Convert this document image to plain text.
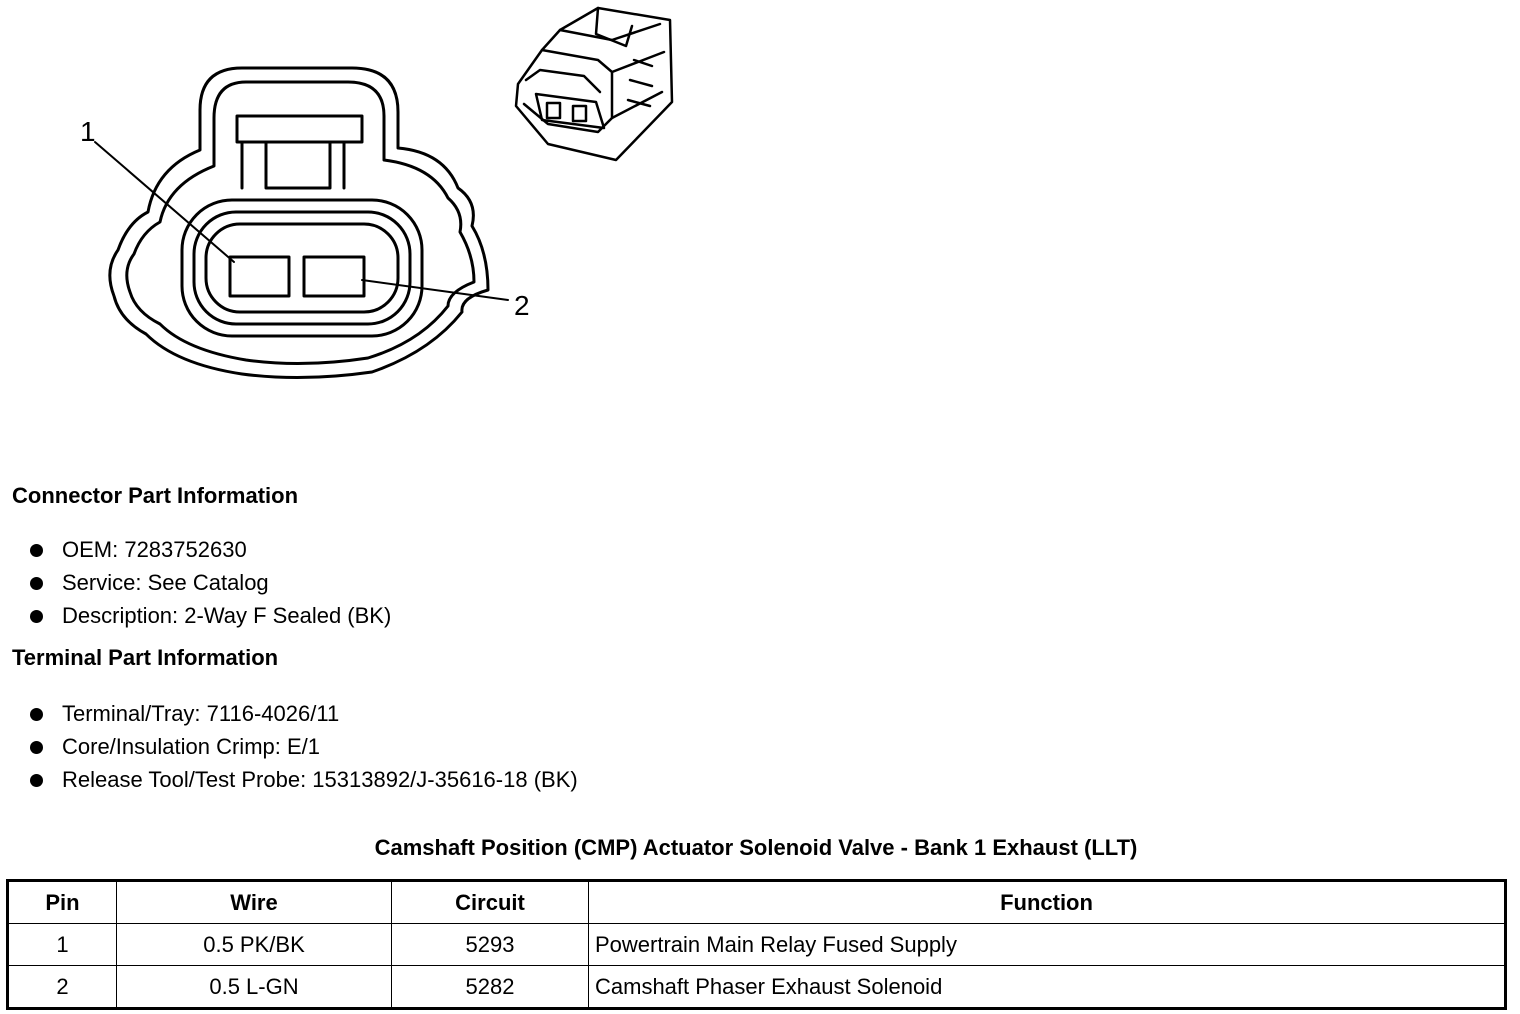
1
2
Connector Part Information
OEM: 7283752630
Service: See Catalog
Description: 2-Way F Sealed (BK)
Terminal Part Information
Terminal/Tray: 7116-4026/11
Core/Insulation Crimp: E/1
Release Tool/Test Probe: 15313892/J-35616-18 (BK)
Camshaft Position (CMP) Actuator Solenoid Valve - Bank 1 Exhaust (LLT)
Pin	Wire	Circuit	Function
1	0.5 PK/BK	5293	Powertrain Main Relay Fused Supply
2	0.5 L-GN	5282	Camshaft Phaser Exhaust Solenoid
